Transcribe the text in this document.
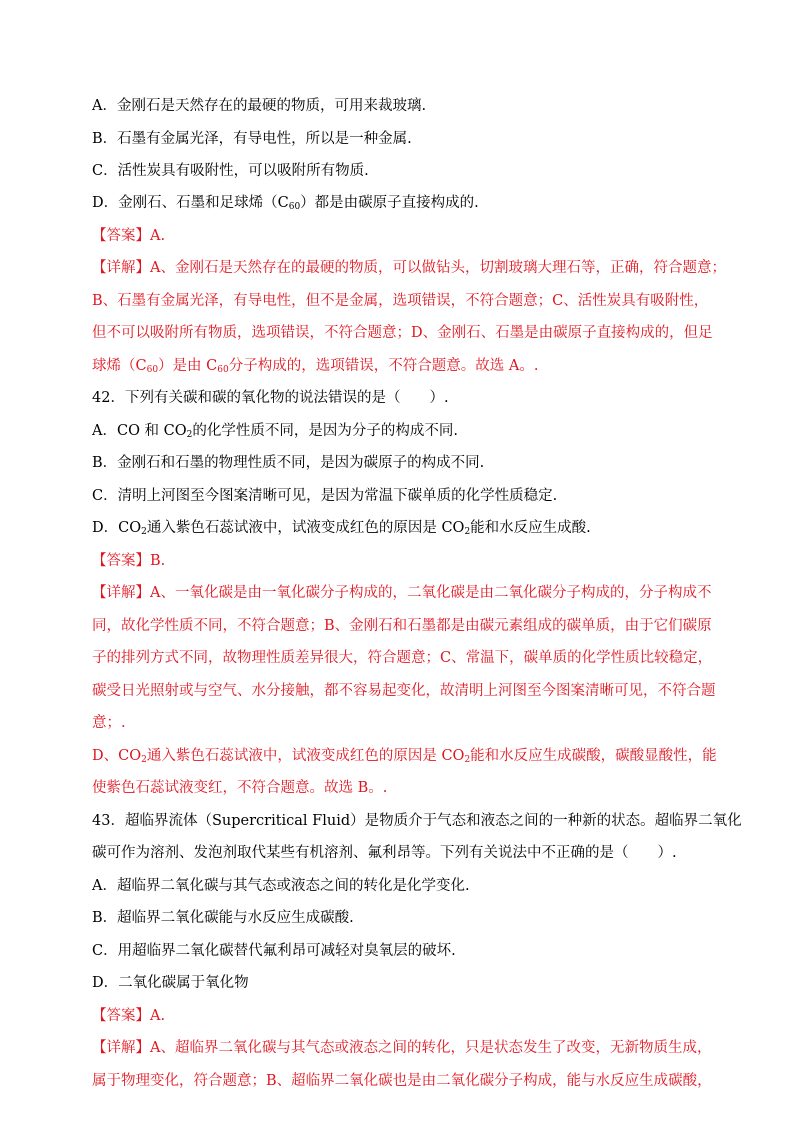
A．金刚石是天然存在的最硬的物质，可用来裁玻璃.
B．石墨有金属光泽，有导电性，所以是一种金属.
C．活性炭具有吸附性，可以吸附所有物质.
D．金刚石、石墨和足球烯$(C_{60})$都是由碳原子直接构成的.
【答案】A.
【详解】A、金刚石是天然存在的最硬的物质，可以做钻头，切割玻璃大理石等，正确，符合题意；
B、石墨有金属光泽，有导电性，但不是金属，选项错误，不符合题意；C、活性炭具有吸附性，
但不可以吸附所有物质，选项错误，不符合题意；D、金刚石、石墨是由碳原子直接构成的，但足
球烯$(C_{60})$是由 $C_{60}$分子构成的，选项错误，不符合题意。故选 A。.
42．下列有关碳和碳的氧化物的说法错误的是（　　）.
A．CO 和 $CO_2$的化学性质不同，是因为分子的构成不同.
B．金刚石和石墨的物理性质不同，是因为碳原子的构成不同.
C．清明上河图至今图案清晰可见，是因为常温下碳单质的化学性质稳定.
D．$CO_2$通入紫色石蕊试液中，试液变成红色的原因是 $CO_2$能和水反应生成酸.
【答案】B.
【详解】A、一氧化碳是由一氧化碳分子构成的，二氧化碳是由二氧化碳分子构成的，分子构成不
同，故化学性质不同，不符合题意；B、金刚石和石墨都是由碳元素组成的碳单质，由于它们碳原
子的排列方式不同，故物理性质差异很大，符合题意；C、常温下，碳单质的化学性质比较稳定，
碳受日光照射或与空气、水分接触，都不容易起变化，故清明上河图至今图案清晰可见，不符合题
意；.
D、$CO_2$通入紫色石蕊试液中，试液变成红色的原因是 $CO_2$能和水反应生成碳酸，碳酸显酸性，能
使紫色石蕊试液变红，不符合题意。故选 B。.
43．超临界流体（Supercritical Fluid）是物质介于气态和液态之间的一种新的状态。超临界二氧化
碳可作为溶剂、发泡剂取代某些有机溶剂、氟利昂等。下列有关说法中不正确的是（　　）.
A．超临界二氧化碳与其气态或液态之间的转化是化学变化.
B．超临界二氧化碳能与水反应生成碳酸.
C．用超临界二氧化碳替代氟利昂可减轻对臭氧层的破坏.
D．二氧化碳属于氧化物
【答案】A.
【详解】A、超临界二氧化碳与其气态或液态之间的转化，只是状态发生了改变，无新物质生成，
属于物理变化，符合题意；B、超临界二氧化碳也是由二氧化碳分子构成，能与水反应生成碳酸，
